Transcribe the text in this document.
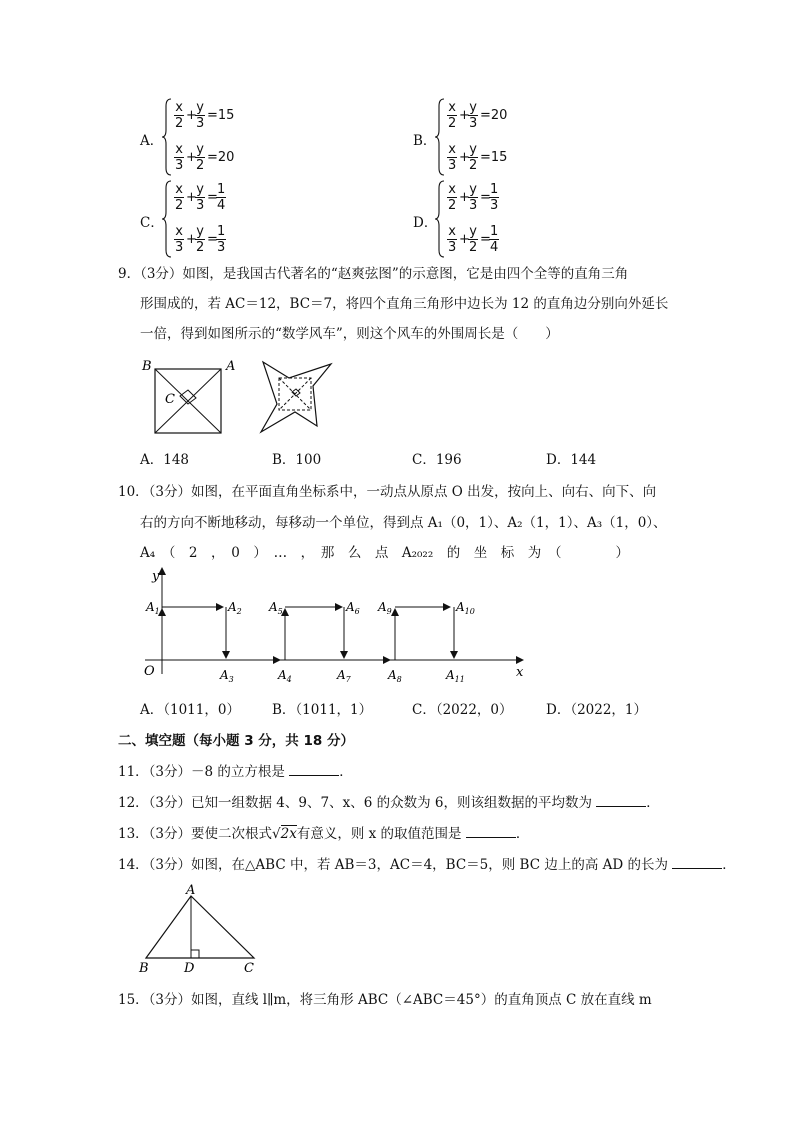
A．
$\frac{x}{2}$ +
$\frac{y}{3} =15$
$\frac{x}{3}$ +
$\frac{y}{2} =20$
B．
$\frac{x}{2}$ +
$\frac{y}{3} =20$
$\frac{x}{3}$ +
$\frac{y}{2} =15$
C．
$\frac{x}{2}$ +
$\frac{y}{3}$ =
$\frac{1}{4}$
$\frac{x}{3}$ +
$\frac{y}{2}$ =
$\frac{1}{3}$
D．
$\frac{x}{2}$ +
$\frac{y}{3}$ =
$\frac{1}{3}$
$\frac{x}{3}$ +
$\frac{y}{2}$ =
$\frac{1}{4}$
9．（3分）如图，是我国古代著名的“赵爽弦图”的示意图，它是由四个全等的直角三角
形围成的，若 AC＝12，BC＝7，将四个直角三角形中边长为 12 的直角边分别向外延长
一倍，得到如图所示的“数学风车”，则这个风车的外围周长是（　　）
B	A
C
A．148	B．100	C．196	D．144
10．（3分）如图，在平面直角坐标系中，一动点从原点 O 出发，按向上、向右、向下、向
右的方向不断地移动，每移动一个单位，得到点 A₁（0，1）、A₂（1，1）、A₃（1，0）、
A₄　（　2　，　0　）　…　，　那　么　点　A₂₀₂₂　的　坐　标　为　（　　　　）
y
x
O
$A_1$	$A_2$
$A_3$	$A_4$
$A_5$	$A_6$
$A_7$	$A_8$
$A_9$	$A_{10}$
$A_{11}$
A．（1011，0） B．（1011，1）	C．（2022，0） D．（2022，1）
二、填空题（每小题 3 分，共 18 分）
11．（3分）－8 的立方根是	．
12．（3分）已知一组数据 4、9、7、x、6 的众数为 6，则该组数据的平均数为	．
13．（3分）要使二次根式√2x有意义，则 x 的取值范围是	．
14．（3分）如图，在△ABC 中，若 AB＝3，AC＝4，BC＝5，则 BC 边上的高 AD 的长为	．
A
B	D	C
15．（3分）如图，直线 l∥m，将三角形 ABC（∠ABC＝45°）的直角顶点 C 放在直线 m
